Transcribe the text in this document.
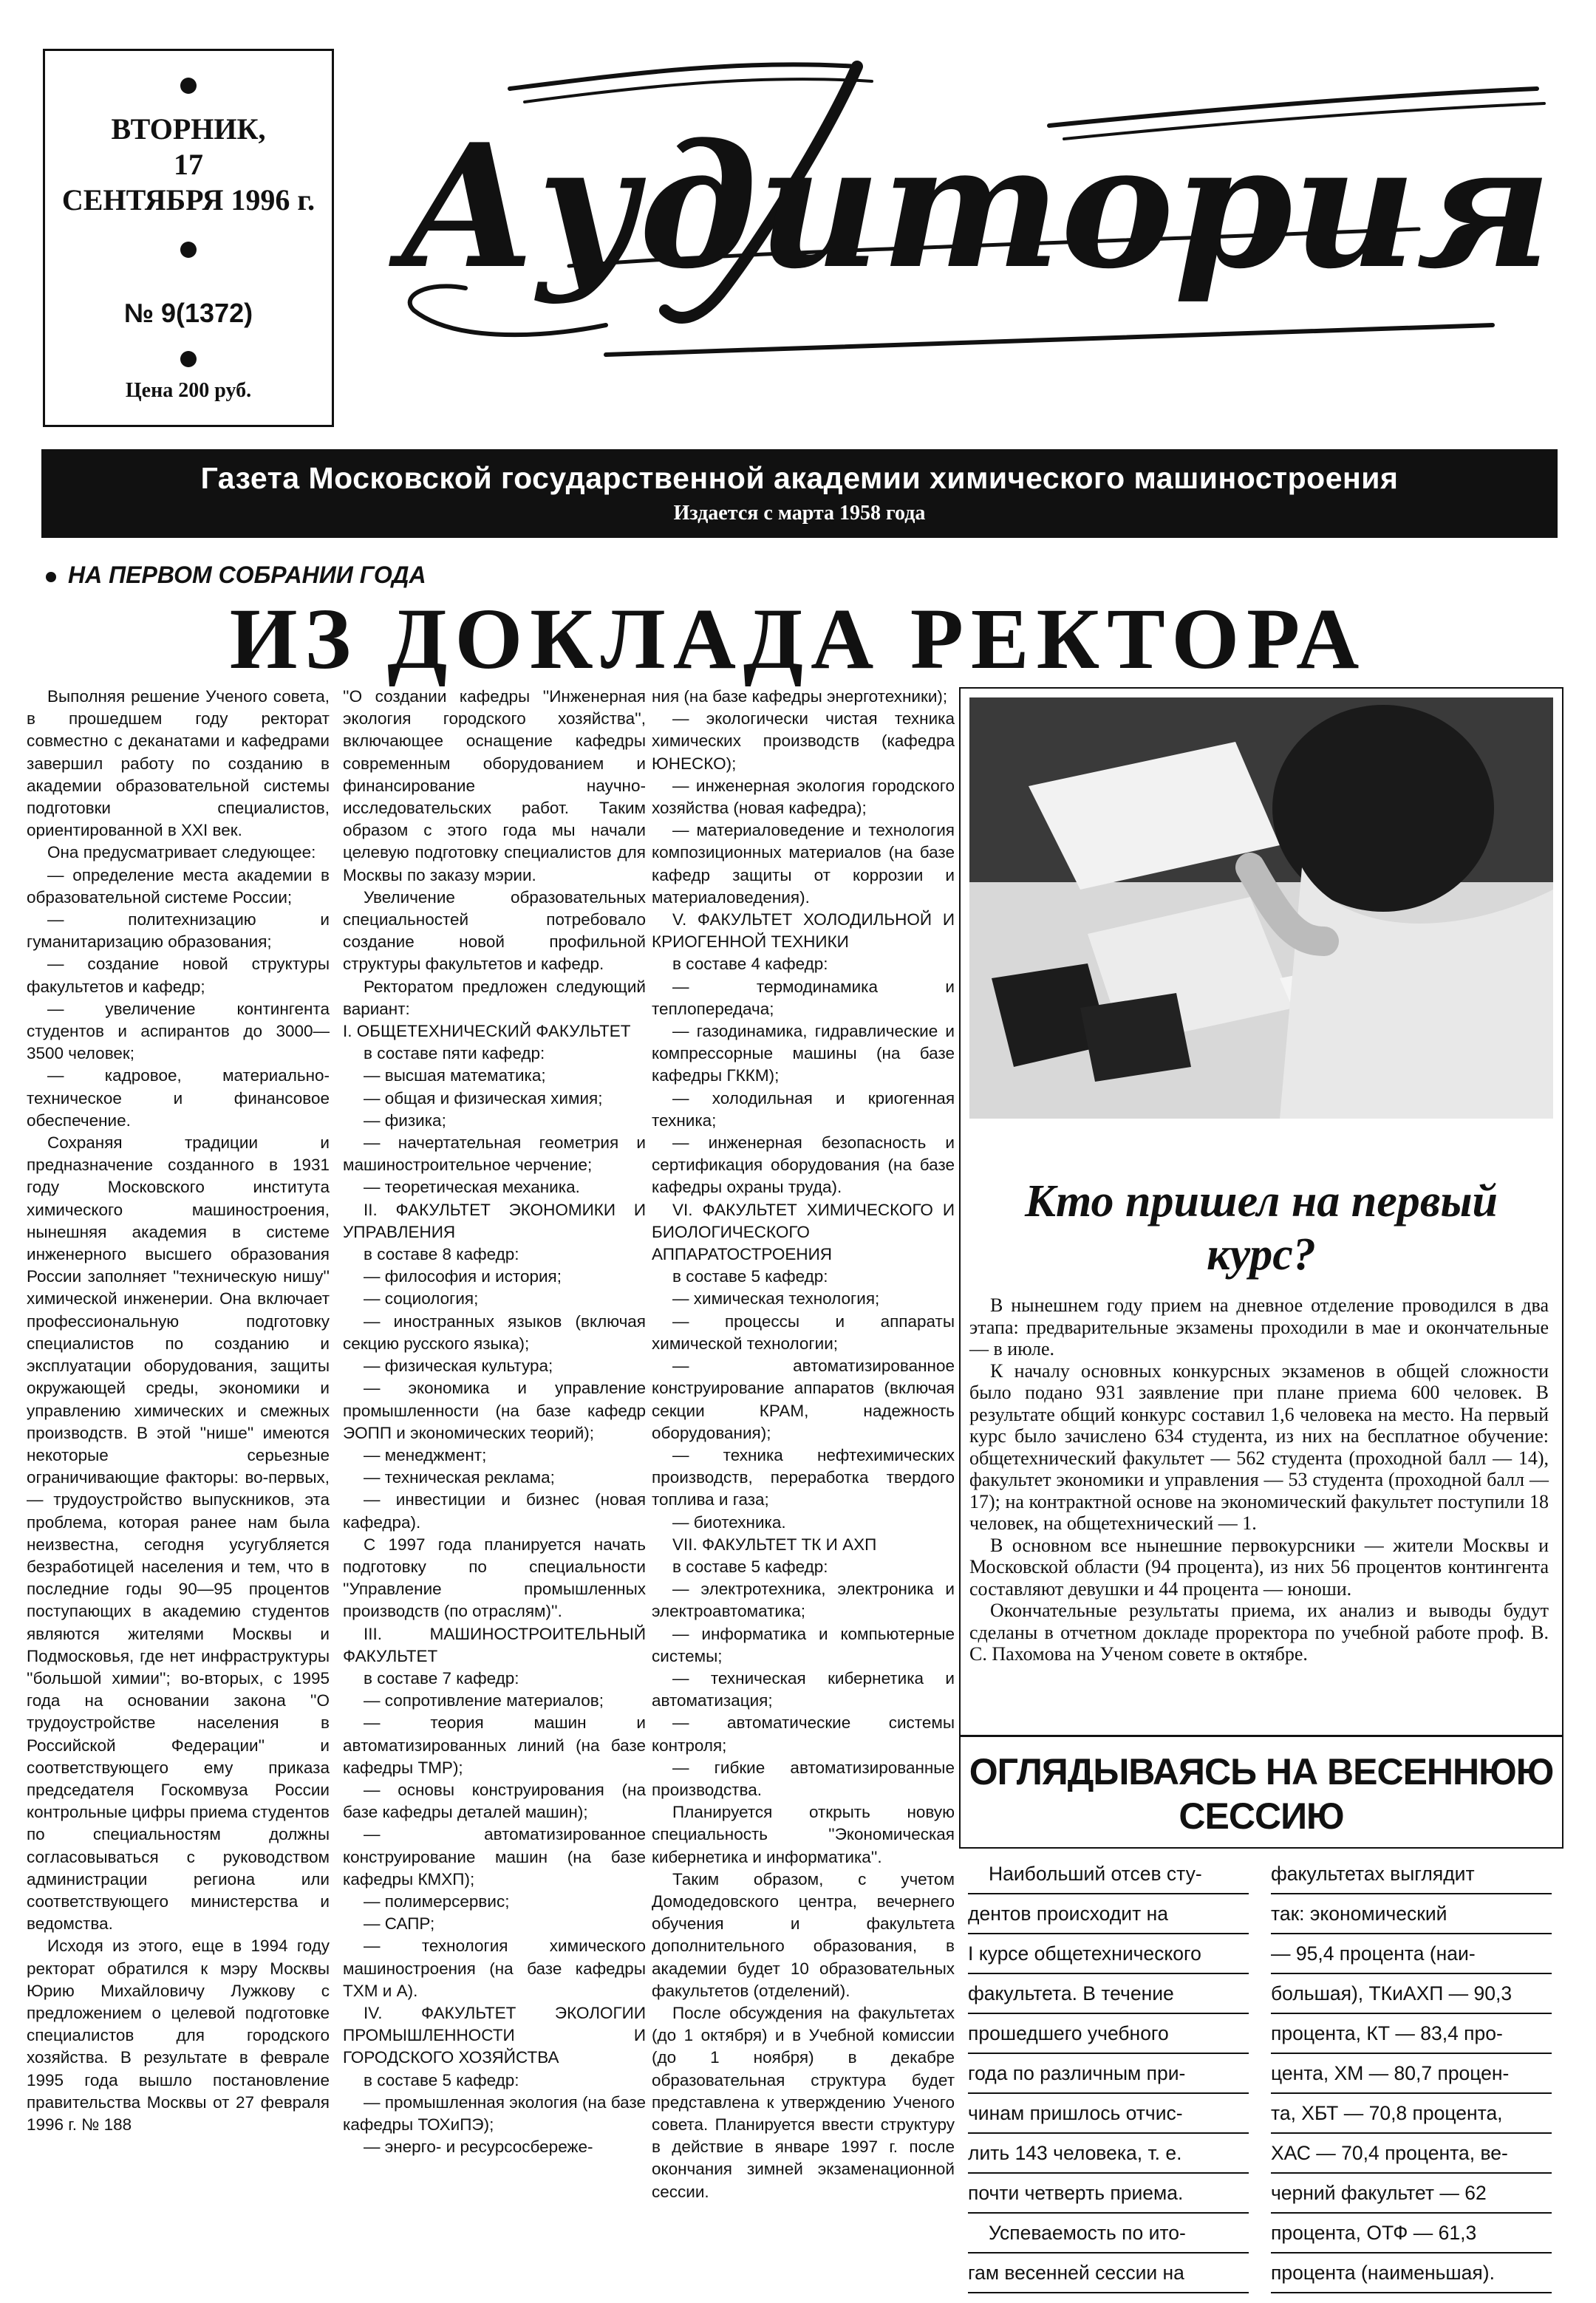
ВТОРНИК,
17
СЕНТЯБРЯ 1996 г.
№ 9(1372)
Цена 200 руб.
Аудитория
Газета Московской государственной академии химического машиностроения
Издается с марта 1958 года
НА ПЕРВОМ СОБРАНИИ ГОДА
ИЗ ДОКЛАДА РЕКТОРА

Выполняя решение Ученого совета, в прошедшем году ректорат совместно с деканатами и кафедрами завершил работу по созданию в академии образовательной системы подготовки специалистов, ориентированной в XXI век.

Она предусматривает следующее:

— определение места академии в образовательной системе России;

— политехнизацию и гуманитаризацию образования;

— создание новой структуры факультетов и кафедр;

— увеличение контингента студентов и аспирантов до 3000—3500 человек;

— кадровое, материально-техническое и финансовое обеспечение.

Сохраняя традиции и предназначение созданного в 1931 году Московского института химического машиностроения, нынешняя академия в системе инженерного высшего образования России заполняет ''техническую нишу'' химической инженерии. Она включает профессиональную подготовку специалистов по созданию и эксплуатации оборудования, защиты окружающей среды, экономики и управлению химических и смежных производств. В этой ''нише'' имеются некоторые серьезные ограничивающие факторы: во-первых, — трудоустройство выпускников, эта проблема, которая ранее нам была неизвестна, сегодня усугубляется безработицей населения и тем, что в последние годы 90—95 процентов поступающих в академию студентов являются жителями Москвы и Подмосковья, где нет инфраструктуры ''большой химии''; во-вторых, с 1995 года на основании закона ''О трудоустройстве населения в Российской Федерации'' и соответствующего ему приказа председателя Госкомвуза России контрольные цифры приема студентов по специальностям должны согласовываться с руководством администрации региона или соответствующего министерства и ведомства.

Исходя из этого, еще в 1994 году ректорат обратился к мэру Москвы Юрию Михайловичу Лужкову с предложением о целевой подготовке специалистов для городского хозяйства. В результате в феврале 1995 года вышло постановление правительства Москвы от 27 февраля 1996 г. № 188

''О создании кафедры ''Инженерная экология городского хозяйства'', включающее оснащение кафедры современным оборудованием и финансирование научно-исследовательских работ. Таким образом с этого года мы начали целевую подготовку специалистов для Москвы по заказу мэрии.

Увеличение образовательных специальностей потребовало создание новой профильной структуры факультетов и кафедр.

Ректоратом предложен следующий вариант:

I. ОБЩЕТЕХНИЧЕСКИЙ ФАКУЛЬТЕТ

в составе пяти кафедр:

— высшая математика;

— общая и физическая химия;

— физика;

— начертательная геометрия и машиностроительное черчение;

— теоретическая механика.

II. ФАКУЛЬТЕТ ЭКОНОМИКИ И УПРАВЛЕНИЯ

в составе 8 кафедр:

— философия и история;

— социология;

— иностранных языков (включая секцию русского языка);

— физическая культура;

— экономика и управление промышленности (на базе кафедр ЭОПП и экономических теорий);

— менеджмент;

— техническая реклама;

— инвестиции и бизнес (новая кафедра).

С 1997 года планируется начать подготовку по специальности ''Управление промышленных производств (по отраслям)''.

III. МАШИНОСТРОИТЕЛЬНЫЙ ФАКУЛЬТЕТ

в составе 7 кафедр:

— сопротивление материалов;

— теория машин и автоматизированных линий (на базе кафедры ТМР);

— основы конструирования (на базе кафедры деталей машин);

— автоматизированное конструирование машин (на базе кафедры КМХП);

— полимерсервис;

— САПР;

— технология химического машиностроения (на базе кафедры ТХМ и А).

IV. ФАКУЛЬТЕТ ЭКОЛОГИИ ПРОМЫШЛЕННОСТИ И ГОРОДСКОГО ХОЗЯЙСТВА

в составе 5 кафедр:

— промышленная экология (на базе кафедры ТОХиПЭ);

— энерго- и ресурсосбереже-

ния (на базе кафедры энерготехники);

— экологически чистая техника химических производств (кафедра ЮНЕСКО);

— инженерная экология городского хозяйства (новая кафедра);

— материаловедение и технология композиционных материалов (на базе кафедр защиты от коррозии и материаловедения).

V. ФАКУЛЬТЕТ ХОЛОДИЛЬНОЙ И КРИОГЕННОЙ ТЕХНИКИ

в составе 4 кафедр:

— термодинамика и теплопередача;

— газодинамика, гидравлические и компрессорные машины (на базе кафедры ГККМ);

— холодильная и криогенная техника;

— инженерная безопасность и сертификация оборудования (на базе кафедры охраны труда).

VI. ФАКУЛЬТЕТ ХИМИЧЕСКОГО И БИОЛОГИЧЕСКОГО АППАРАТОСТРОЕНИЯ

в составе 5 кафедр:

— химическая технология;

— процессы и аппараты химической технологии;

— автоматизированное конструирование аппаратов (включая секции КРАМ, надежность оборудования);

— техника нефтехимических производств, переработка твердого топлива и газа;

— биотехника.

VII. ФАКУЛЬТЕТ ТК И АХП

в составе 5 кафедр:

— электротехника, электроника и электроавтоматика;

— информатика и компьютерные системы;

— техническая кибернетика и автоматизация;

— автоматические системы контроля;

— гибкие автоматизированные производства.

Планируется открыть новую специальность ''Экономическая кибернетика и информатика''.

Таким образом, с учетом Домодедовского центра, вечернего обучения и факультета дополнительного образования, в академии будет 10 образовательных факультетов (отделений).

После обсуждения на факультетах (до 1 октября) и в Учебной комиссии (до 1 ноября) в декабре образовательная структура будет представлена к утверждению Ученого совета. Планируется ввести структуру в действие в январе 1997 г. после окончания зимней экзаменационной сессии.

Кто пришел на первый курс?

В нынешнем году прием на дневное отделение проводился в два этапа: предварительные экзамены проходили в мае и окончательные — в июле.

К началу основных конкурсных экзаменов в общей сложности было подано 931 заявление при плане приема 600 человек. В результате общий конкурс составил 1,6 человека на место. На первый курс было зачислено 634 студента, из них на бесплатное обучение: общетехнический факультет — 562 студента (проходной балл — 14), факультет экономики и управления — 53 студента (проходной балл — 17); на контрактной основе на экономический факультет поступили 18 человек, на общетехнический — 1.

В основном все нынешние первокурсники — жители Москвы и Московской области (94 процента), из них 56 процентов контингента составляют девушки и 44 процента — юноши.

Окончательные результаты приема, их анализ и выводы будут сделаны в отчетном докладе проректора по учебной работе проф. В. С. Пахомова на Ученом совете в октябре.

ОГЛЯДЫВАЯСЬ НА ВЕСЕННЮЮ СЕССИЮ
Наибольший отсев сту-
дентов происходит на
I курсе общетехнического
факультета. В течение
прошедшего учебного
года по различным при-
чинам пришлось отчис-
лить 143 человека, т. е.
почти четверть приема.
Успеваемость по ито-
гам весенней сессии на
факультетах выглядит
так: экономический
— 95,4 процента (наи-
большая), ТКиАХП — 90,3
процента, КТ — 83,4 про-
цента, ХМ — 80,7 процен-
та, ХБТ — 70,8 процента,
ХАС — 70,4 процента, ве-
черний факультет — 62
процента, ОТФ — 61,3
процента (наименьшая).
